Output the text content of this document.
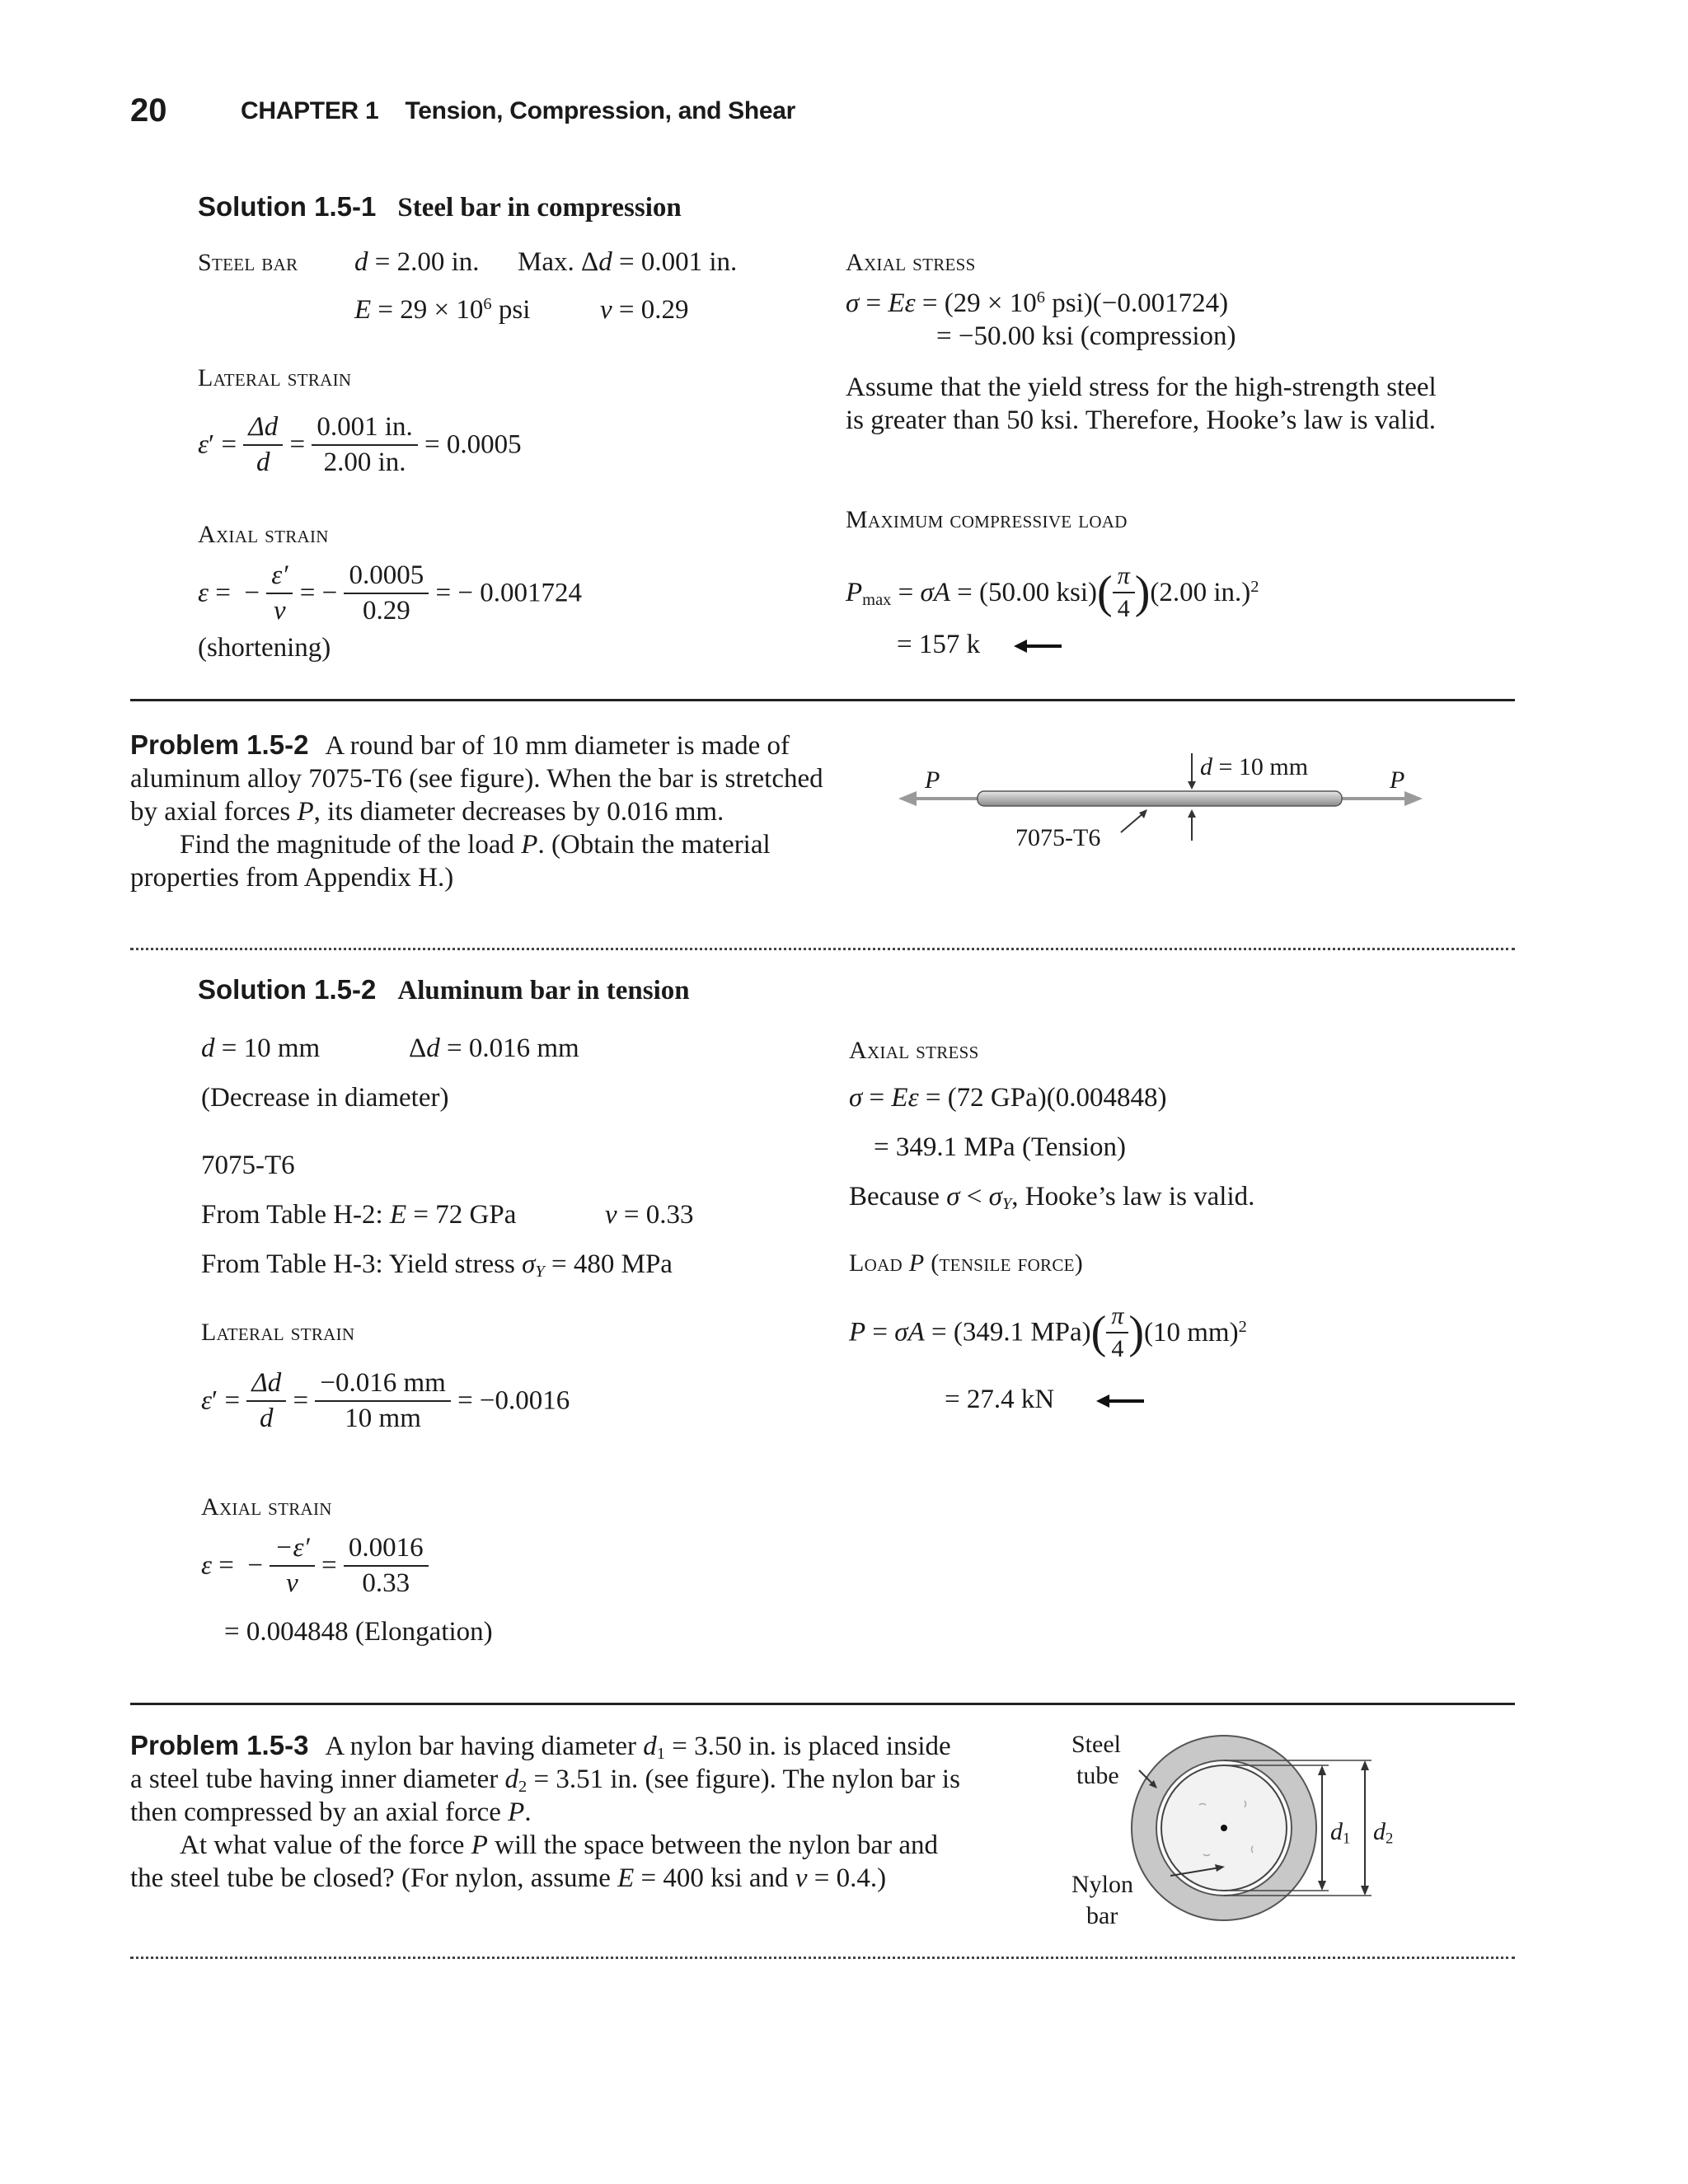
20	CHAPTER 1 Tension, Compression, and Shear
Solution 1.5-1 Steel bar in compression
Steel bar d = 2.00 in. Max. Δd = 0.001 in.
$E = 29 \times 10^6$ psi	ν = 0.29
Lateral strain
$\varepsilon' = \frac{\Delta d}{d} = \frac{0.001 in.}{2.00 in.} = 0.0005$
Axial strain
ε =  − $\frac{\varepsilon'}{\nu}$ = − $\frac{0.0005}{0.29}$ = − 0.001724
(shortening)
Axial stress
$\sigma = E\varepsilon = (29 \times 10^6$ psi)(−0.001724)
= −50.00 ksi (compression)
Assume that the yield stress for the high-strength steel is greater than 50 ksi. Therefore, Hooke’s law is valid.
Maximum compressive load
$P_{max} = \sigma A = (50.00$ $ksi)( \frac{\pi}{4} )(2.00$ in.)$^2$
= 157 k
Problem 1.5-2 A round bar of 10 mm diameter is made of aluminum alloy 7075-T6 (see figure). When the bar is stretched by axial forces P, its diameter decreases by 0.016 mm.
Find the magnitude of the load P. (Obtain the material properties from Appendix H.)
P	P
d = 10 mm
7075-T6
Solution 1.5-2 Aluminum bar in tension
d = 10 mm	Δd = 0.016 mm
(Decrease in diameter)
7075-T6
From Table H-2: E = 72 GPa	ν = 0.33
From Table H-3: Yield stress $\sigma_Y = 480$ MPa
Lateral strain
$\varepsilon' = \frac{\Delta d}{d} = \frac{-0.016 mm}{10 mm} = -0.0016$
Axial strain
ε =  − $\frac{-\varepsilon'}{\nu} = \frac{0.0016}{0.33}$
= 0.004848 (Elongation)
Axial stress
σ = Eε = (72 GPa)(0.004848)
= 349.1 MPa (Tension)
Because $\sigma < \sigma_Y$, Hooke’s law is valid.
Load P (tensile force)
P = σA = (349.1 $MPa)( \frac{\pi}{4} )(10$ mm)$^2$
= 27.4 kN
Problem 1.5-3 A nylon bar having diameter $d_1 = 3.50$ in. is placed inside a steel tube having inner diameter $d_2 = 3.51$ in. (see figure). The nylon bar is then compressed by an axial force P.
At what value of the force P will the space between the nylon bar and the steel tube be closed? (For nylon, assume E = 400 ksi and ν = 0.4.)
Steel
tube
Nylon
bar
$d_1$ $d_2$
